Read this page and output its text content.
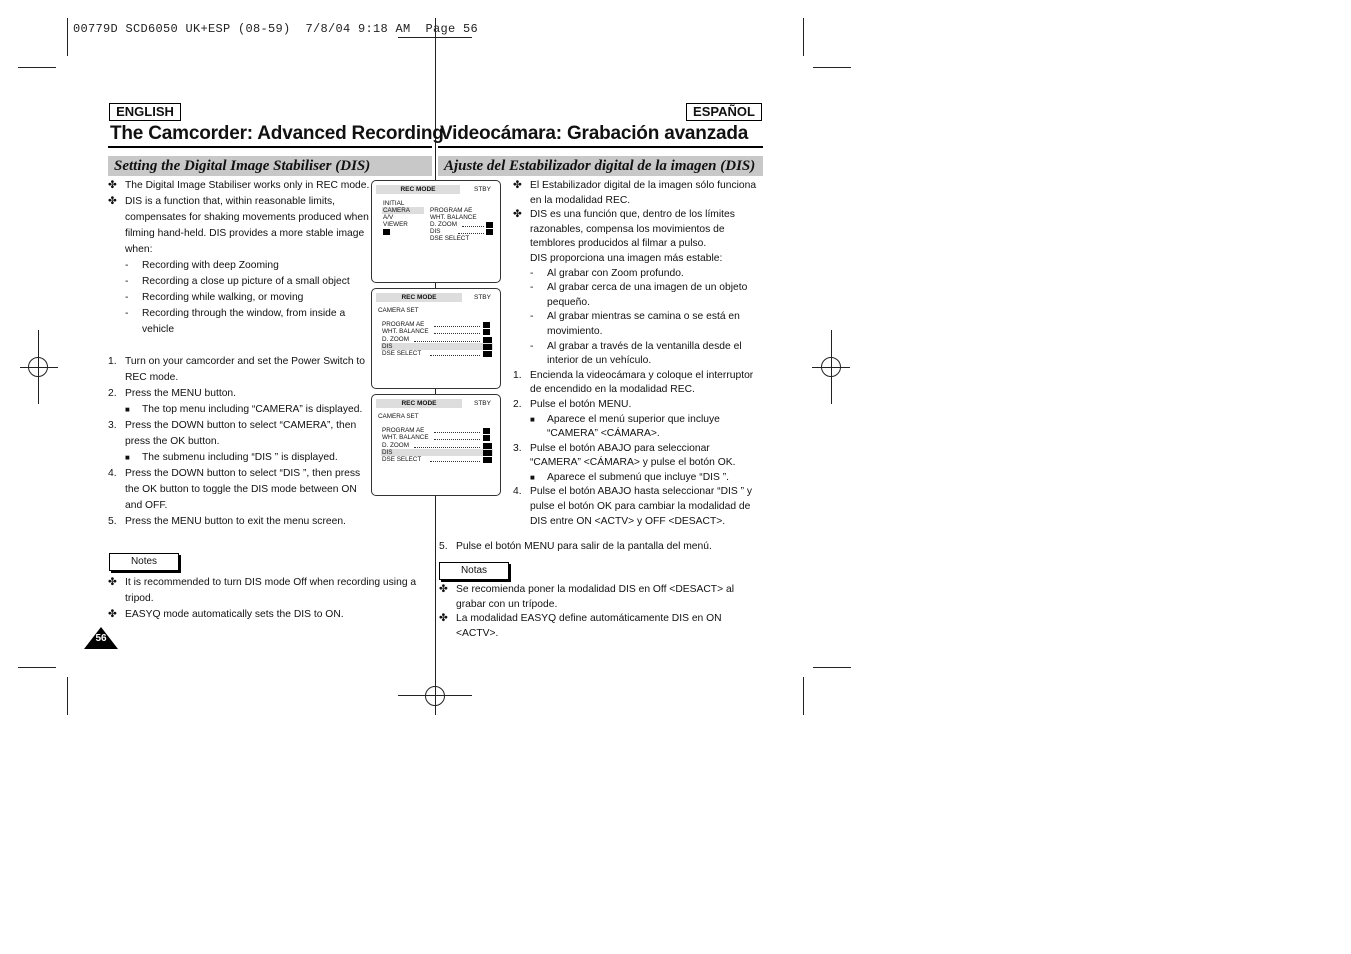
00779D SCD6050 UK+ESP (08-59)  7/8/04 9:18 AM  Page 56
ENGLISH
The Camcorder: Advanced Recording
Setting the Digital Image Stabiliser (DIS)
ESPAÑOL
Videocámara: Grabación avanzada
Ajuste del Estabilizador digital de la imagen (DIS)
✤ The Digital Image Stabiliser works only in REC mode.
✤ DIS is a function that, within reasonable limits, compensates for shaking movements produced when filming hand-held. DIS provides a more stable image when:
-	Recording with deep Zooming
-	Recording a close up picture of a small object
-	Recording while walking, or moving
-	Recording through the window, from inside a vehicle
1. Turn on your camcorder and set the Power Switch to REC mode.
2. Press the MENU button.
■	The top menu including “CAMERA” is displayed.
3. Press the DOWN button to select “CAMERA”, then press the OK button.
■	The submenu including “DIS ” is displayed.
4. Press the DOWN button to select “DIS ”, then press the OK button to toggle the DIS mode between ON and OFF.
5. Press the MENU button to exit the menu screen.
Notes
✤ It is recommended to turn DIS mode Off when recording using a tripod.
✤ EASYQ mode automatically sets the DIS to ON.
56
✤ El Estabilizador digital de la imagen sólo funciona en la modalidad REC.
✤ DIS es una función que, dentro de los límites razonables, compensa los movimientos de temblores producidos al filmar a pulso.
DIS proporciona una imagen más estable:
-	Al grabar con Zoom profundo.
-	Al grabar cerca de una imagen de un objeto pequeño.
-	Al grabar mientras se camina o se está en movimiento.
-	Al grabar a través de la ventanilla desde el interior de un vehículo.
1. Encienda la videocámara y coloque el interruptor de encendido en la modalidad REC.
2. Pulse el botón MENU.
■	Aparece el menú superior que incluye “CAMERA” <CÁMARA>.
3. Pulse el botón ABAJO para seleccionar “CAMERA” <CÁMARA> y pulse el botón OK.
■	Aparece el submenú que incluye “DIS ”.
4. Pulse el botón ABAJO hasta seleccionar “DIS ” y pulse el botón OK para cambiar la modalidad de DIS entre ON <ACTV> y OFF <DESACT>.
5. Pulse el botón MENU para salir de la pantalla del menú.
Notas
✤ Se recomienda poner la modalidad DIS en Off <DESACT> al grabar con un trípode.
✤ La modalidad EASYQ define automáticamente DIS en ON <ACTV>.
REC MODE	STBY
INITIAL
CAMERA
A/V
VIEWER
PROGRAM AE
WHT. BALANCE
D. ZOOM
DIS
DSE SELECT
REC MODE	STBY
CAMERA SET
PROGRAM AE
WHT. BALANCE
D. ZOOM
DIS
DSE SELECT
REC MODE	STBY
CAMERA SET
PROGRAM AE
WHT. BALANCE
D. ZOOM
DIS
DSE SELECT
